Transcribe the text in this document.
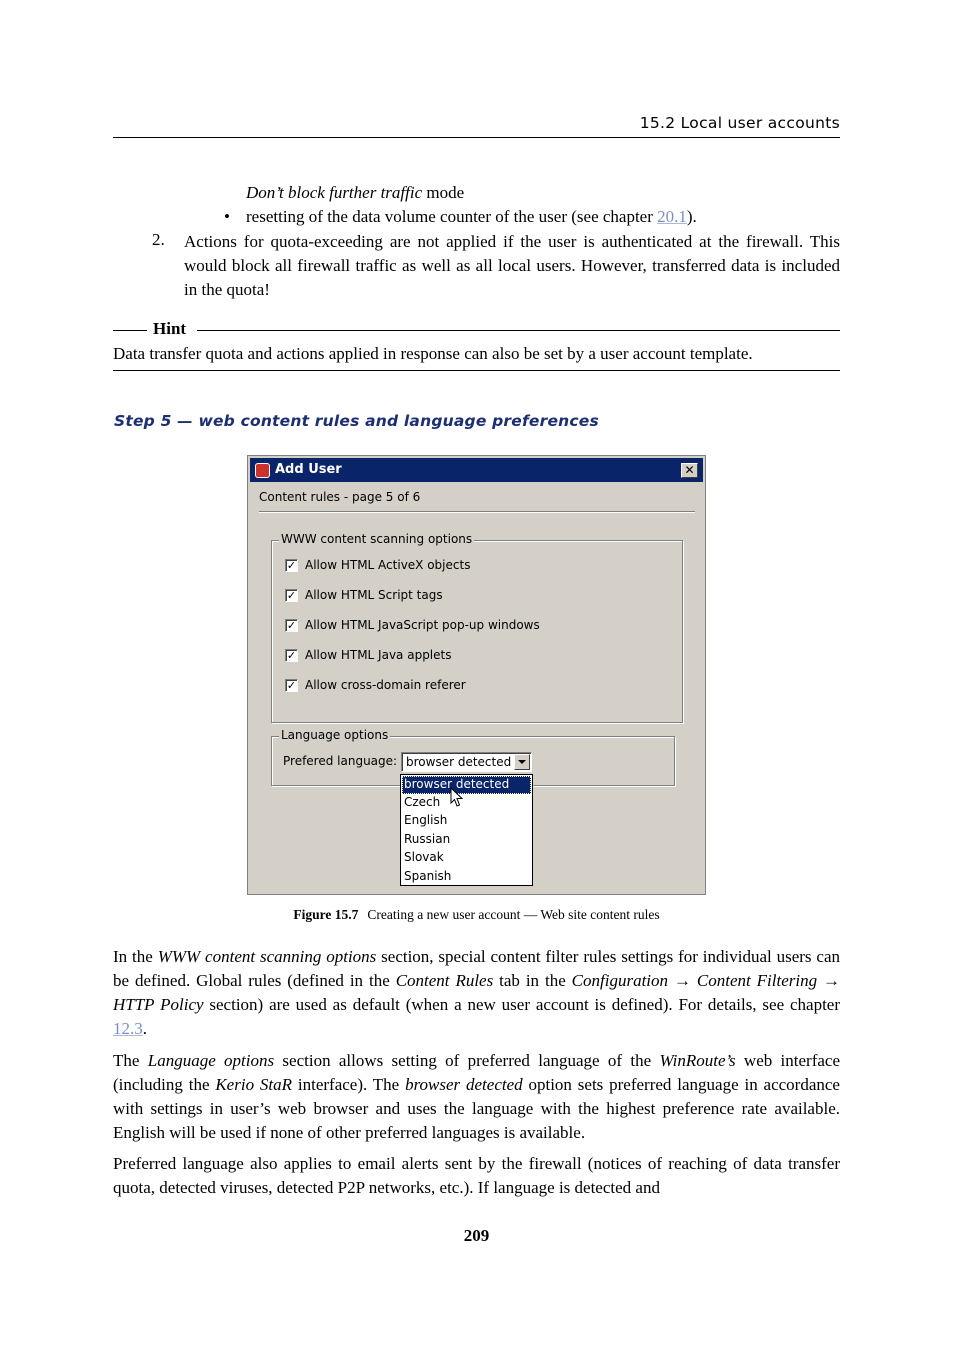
15.2 Local user accounts
Don’t block further traffic mode
• resetting of the data volume counter of the user (see chapter 20.1).
2. Actions for quota-exceeding are not applied if the user is authenticated at the firewall. This would block all firewall traffic as well as all local users. However, transferred data is included in the quota!
Hint
Data transfer quota and actions applied in response can also be set by a user account template.
Step 5 — web content rules and language preferences
Add User	✕
Content rules - page 5 of 6
WWW content scanning options
✓ Allow HTML ActiveX objects
✓ Allow HTML Script tags
✓ Allow HTML JavaScript pop-up windows
✓ Allow HTML Java applets
✓ Allow cross-domain referer
Language options
Prefered language: browser detected
browser detected
Czech
English
Russian
Slovak
Spanish
Figure 15.7 Creating a new user account — Web site content rules
In the WWW content scanning options section, special content filter rules settings for individual users can be defined. Global rules (defined in the Content Rules tab in the Configuration → Content Filtering → HTTP Policy section) are used as default (when a new user account is defined). For details, see chapter 12.3.
The Language options section allows setting of preferred language of the WinRoute’s web interface (including the Kerio StaR interface). The browser detected option sets preferred language in accordance with settings in user’s web browser and uses the language with the highest preference rate available. English will be used if none of other preferred languages is available.
Preferred language also applies to email alerts sent by the firewall (notices of reaching of data transfer quota, detected viruses, detected P2P networks, etc.). If language is detected and
209
